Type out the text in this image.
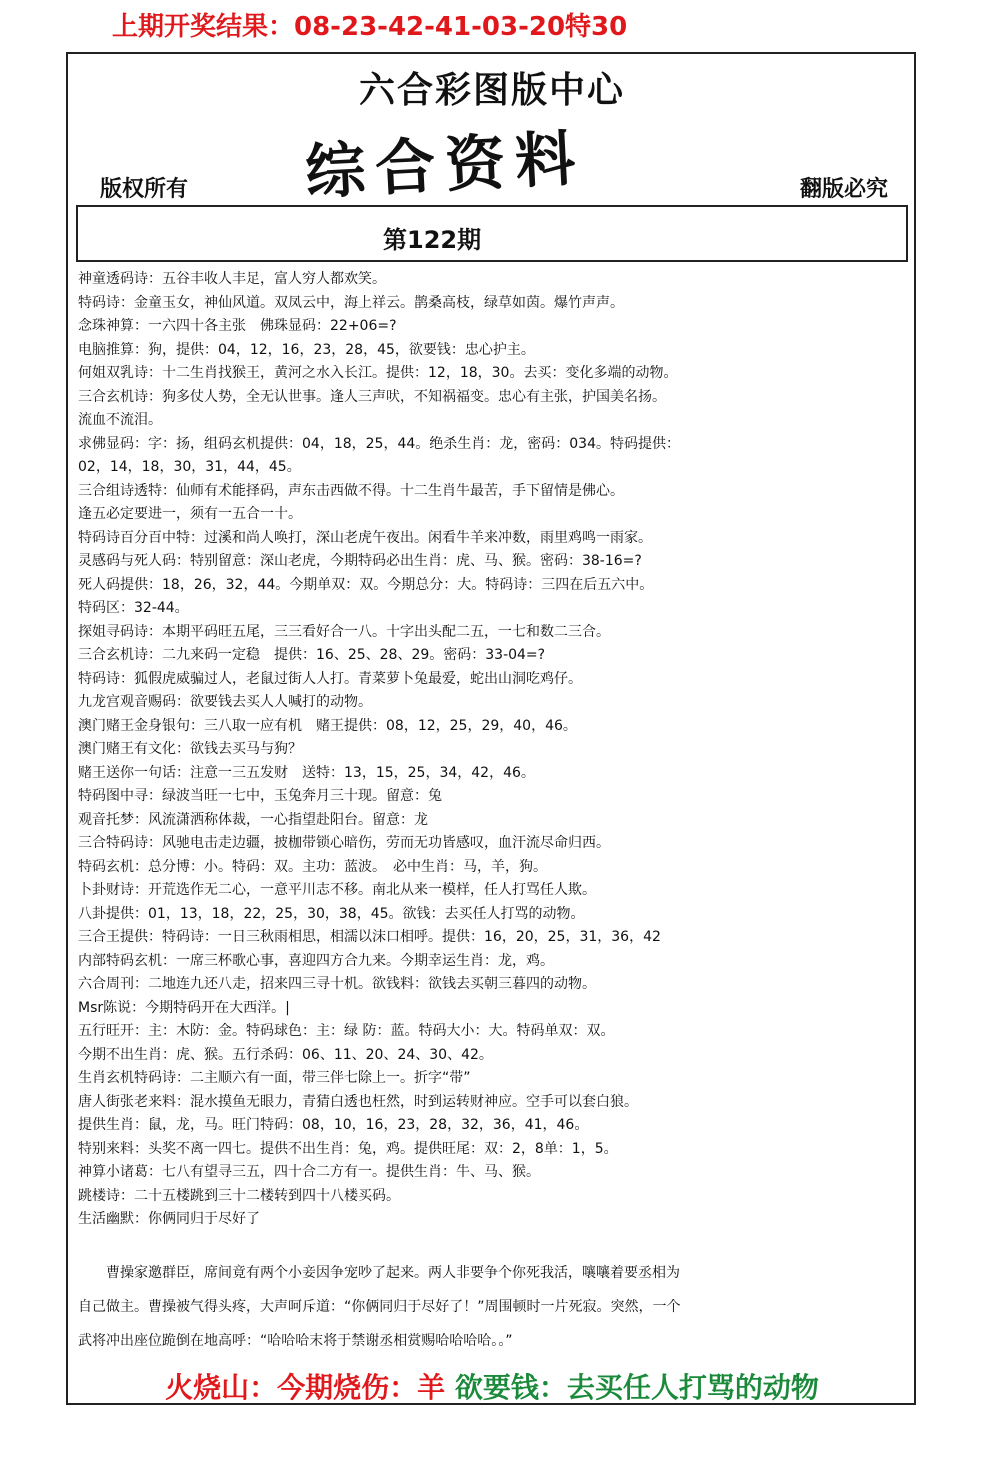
上期开奖结果：08-23-42-41-03-20特30
六合彩图版中心
综合资料
版权所有	翻版必究
第122期
神童透码诗：五谷丰收人丰足，富人穷人都欢笑。
特码诗：金童玉女，神仙风道。双凤云中，海上祥云。鹊桑高枝，绿草如茵。爆竹声声。
念珠神算：一六四十各主张　佛珠显码：22+06=?
电脑推算：狗，提供：04，12，16，23，28，45，欲要钱：忠心护主。
何姐双乳诗：十二生肖找猴王，黄河之水入长江。提供：12，18，30。去买：变化多端的动物。
三合玄机诗：狗多仗人势，全无认世事。逢人三声吠，不知祸福变。忠心有主张，护国美名扬。
流血不流泪。
求佛显码：字：扬，组码玄机提供：04，18，25，44。绝杀生肖：龙，密码：034。特码提供：
02，14，18，30，31，44，45。
三合组诗透特：仙师有术能择码，声东击西做不得。十二生肖牛最苦，手下留情是佛心。
逢五必定要进一，须有一五合一十。
特码诗百分百中特：过溪和尚人唤打，深山老虎午夜出。闲看牛羊来冲数，雨里鸡鸣一雨家。
灵感码与死人码：特别留意：深山老虎，今期特码必出生肖：虎、马、猴。密码：38-16=?
死人码提供：18，26，32，44。今期单双：双。今期总分：大。特码诗：三四在后五六中。
特码区：32-44。
探姐寻码诗：本期平码旺五尾，三三看好合一八。十字出头配二五，一七和数二三合。
三合玄机诗：二九来码一定稳　提供：16、25、28、29。密码：33-04=?
特码诗：狐假虎威骗过人，老鼠过街人人打。青菜萝卜兔最爱，蛇出山洞吃鸡仔。
九龙宫观音赐码：欲要钱去买人人喊打的动物。
澳门赌王金身银句：三八取一应有机　赌王提供：08，12，25，29，40，46。
澳门赌王有文化：欲钱去买马与狗？
赌王送你一句话：注意一三五发财　送特：13，15，25，34，42，46。
特码图中寻：绿波当旺一七中，玉兔奔月三十现。留意：兔
观音托梦：风流潇洒称体裁，一心指望赴阳台。留意：龙
三合特码诗：风驰电击走边疆，披枷带锁心暗伤，劳而无功皆感叹，血汗流尽命归西。
特码玄机：总分博：小。特码：双。主功：蓝波。　必中生肖：马，羊，狗。
卜卦财诗：开荒选作无二心，一意平川志不移。南北从来一模样，任人打骂任人欺。
八卦提供：01，13，18，22，25，30，38，45。欲钱：去买任人打骂的动物。
三合王提供：特码诗：一日三秋雨相思，相濡以沫口相呼。提供：16，20，25，31，36，42
内部特码玄机：一席三杯歌心事，喜迎四方合九来。今期幸运生肖：龙，鸡。
六合周刊：二地连九还八走，招来四三寻十机。欲钱料：欲钱去买朝三暮四的动物。
Msr陈说：今期特码开在大西洋。|
五行旺开：主：木防：金。特码球色：主：绿 防：蓝。特码大小：大。特码单双：双。
今期不出生肖：虎、猴。五行杀码：06、11、20、24、30、42。
生肖玄机特码诗：二主顺六有一面，带三伴七除上一。折字“带”
唐人街张老来料：混水摸鱼无眼力，青猜白透也枉然，时到运转财神应。空手可以套白狼。
提供生肖：鼠，龙，马。旺门特码：08，10，16，23，28，32，36，41，46。
特别来料：头奖不离一四七。提供不出生肖：兔，鸡。提供旺尾：双：2，8单：1，5。
神算小诸葛：七八有望寻三五，四十合二方有一。提供生肖：牛、马、猴。
跳楼诗：二十五楼跳到三十二楼转到四十八楼买码。
生活幽默：你俩同归于尽好了

曹操家邀群臣，席间竟有两个小妾因争宠吵了起来。两人非要争个你死我活，嚷嚷着要丞相为

自己做主。曹操被气得头疼，大声呵斥道：“你俩同归于尽好了！”周围顿时一片死寂。突然，一个

武将冲出座位跪倒在地高呼：“哈哈哈末将于禁谢丞相赏赐哈哈哈哈。。”

火烧山：今期烧伤：羊 欲要钱：去买任人打骂的动物
